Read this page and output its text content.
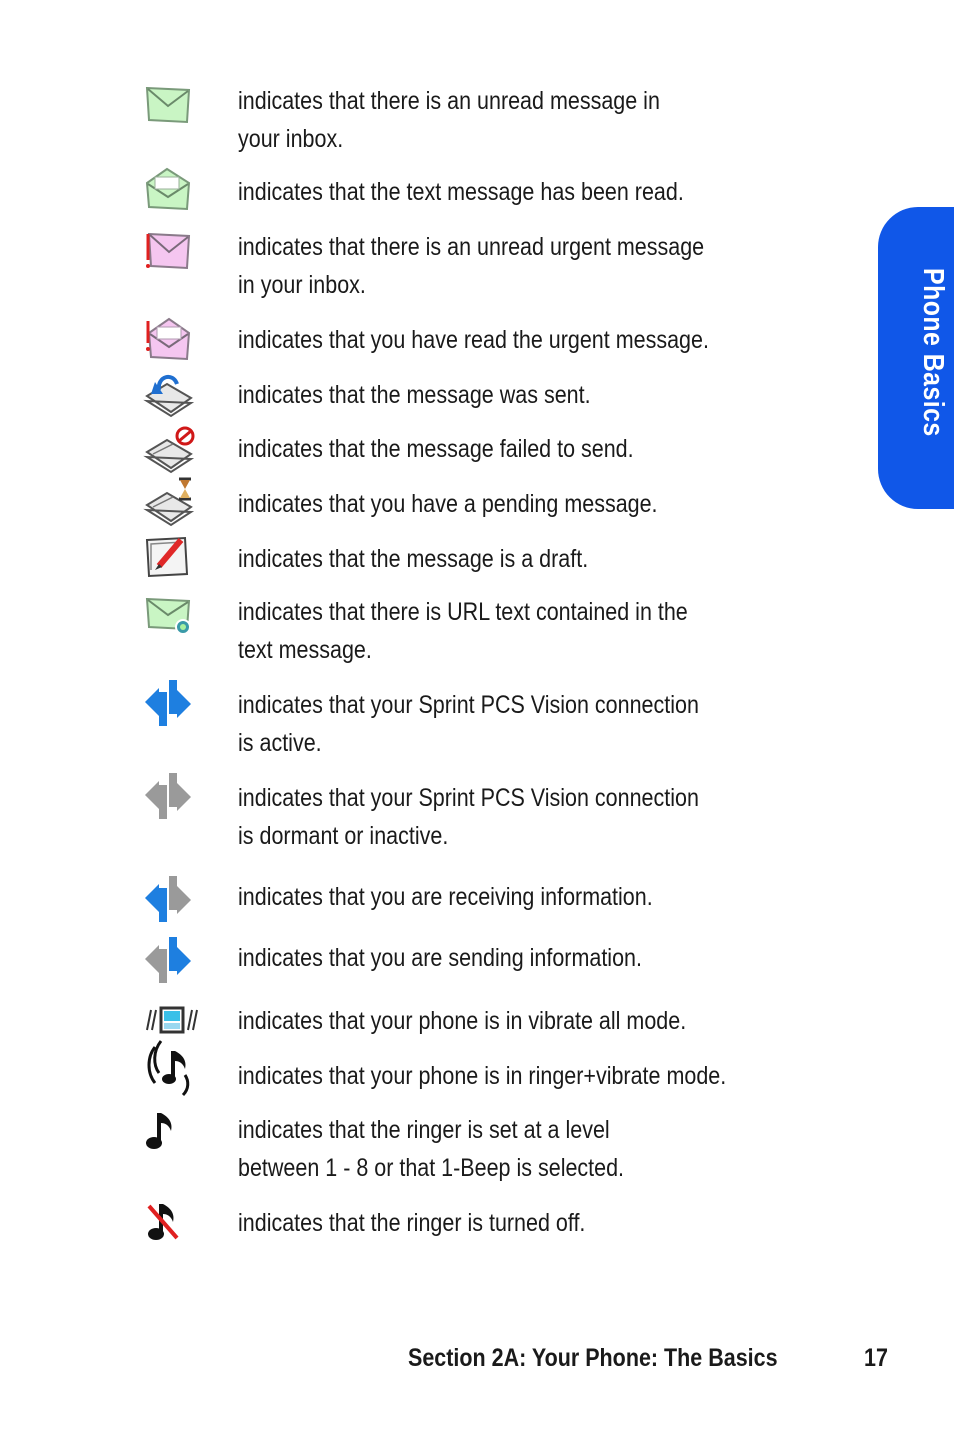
Phone Basics
indicates that there is an unread message in
your inbox.
indicates that the text message has been read.
indicates that there is an unread urgent message
in your inbox.
indicates that you have read the urgent message.
indicates that the message was sent.
indicates that the message failed to send.
indicates that you have a pending message.
indicates that the message is a draft.
indicates that there is URL text contained in the
text message.
indicates that your Sprint PCS Vision connection
is active.
indicates that your Sprint PCS Vision connection
is dormant or inactive.
indicates that you are receiving information.
indicates that you are sending information.
indicates that your phone is in vibrate all mode.
indicates that your phone is in ringer+vibrate mode.
indicates that the ringer is set at a level
between 1 - 8 or that 1-Beep is selected.
indicates that the ringer is turned off.
Section 2A: Your Phone: The Basics	17
